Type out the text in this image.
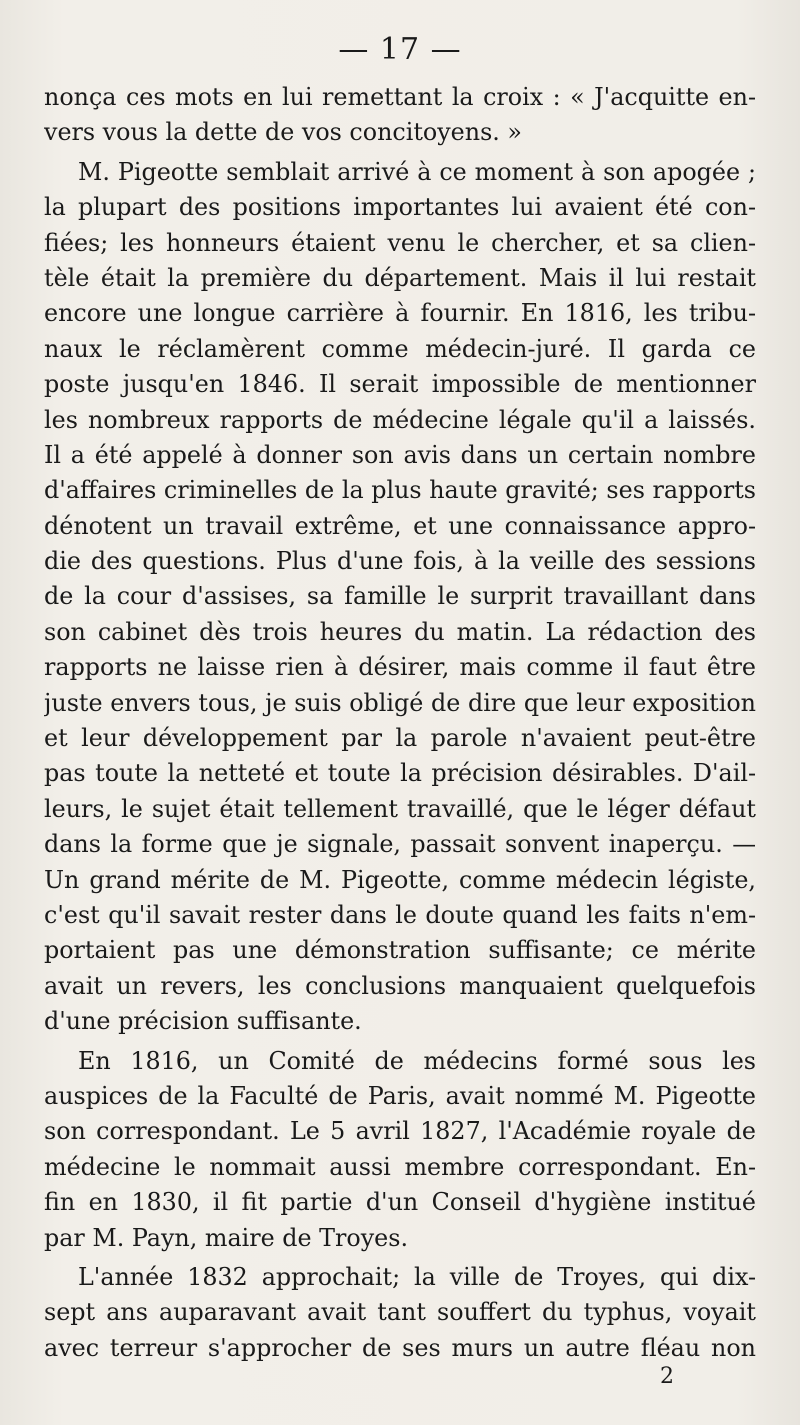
— 17 —
nonça ces mots en lui remettant la croix : « J'acquitte en-
vers vous la dette de vos concitoyens. »
M. Pigeotte semblait arrivé à ce moment à son apogée ;
la plupart des positions importantes lui avaient été con-
fiées; les honneurs étaient venu le chercher, et sa clien-
tèle était la première du département. Mais il lui restait
encore une longue carrière à fournir. En 1816, les tribu-
naux le réclamèrent comme médecin-juré. Il garda ce
poste jusqu'en 1846. Il serait impossible de mentionner
les nombreux rapports de médecine légale qu'il a laissés.
Il a été appelé à donner son avis dans un certain nombre
d'affaires criminelles de la plus haute gravité; ses rapports
dénotent un travail extrême, et une connaissance appro-
die des questions. Plus d'une fois, à la veille des sessions
de la cour d'assises, sa famille le surprit travaillant dans
son cabinet dès trois heures du matin. La rédaction des
rapports ne laisse rien à désirer, mais comme il faut être
juste envers tous, je suis obligé de dire que leur exposition
et leur développement par la parole n'avaient peut-être
pas toute la netteté et toute la précision désirables. D'ail-
leurs, le sujet était tellement travaillé, que le léger défaut
dans la forme que je signale, passait sonvent inaperçu. —
Un grand mérite de M. Pigeotte, comme médecin légiste,
c'est qu'il savait rester dans le doute quand les faits n'em-
portaient pas une démonstration suffisante; ce mérite
avait un revers, les conclusions manquaient quelquefois
d'une précision suffisante.
En 1816, un Comité de médecins formé sous les
auspices de la Faculté de Paris, avait nommé M. Pigeotte
son correspondant. Le 5 avril 1827, l'Académie royale de
médecine le nommait aussi membre correspondant. En-
fin en 1830, il fit partie d'un Conseil d'hygiène institué
par M. Payn, maire de Troyes.
L'année 1832 approchait; la ville de Troyes, qui dix-
sept ans auparavant avait tant souffert du typhus, voyait
avec terreur s'approcher de ses murs un autre fléau non
2
